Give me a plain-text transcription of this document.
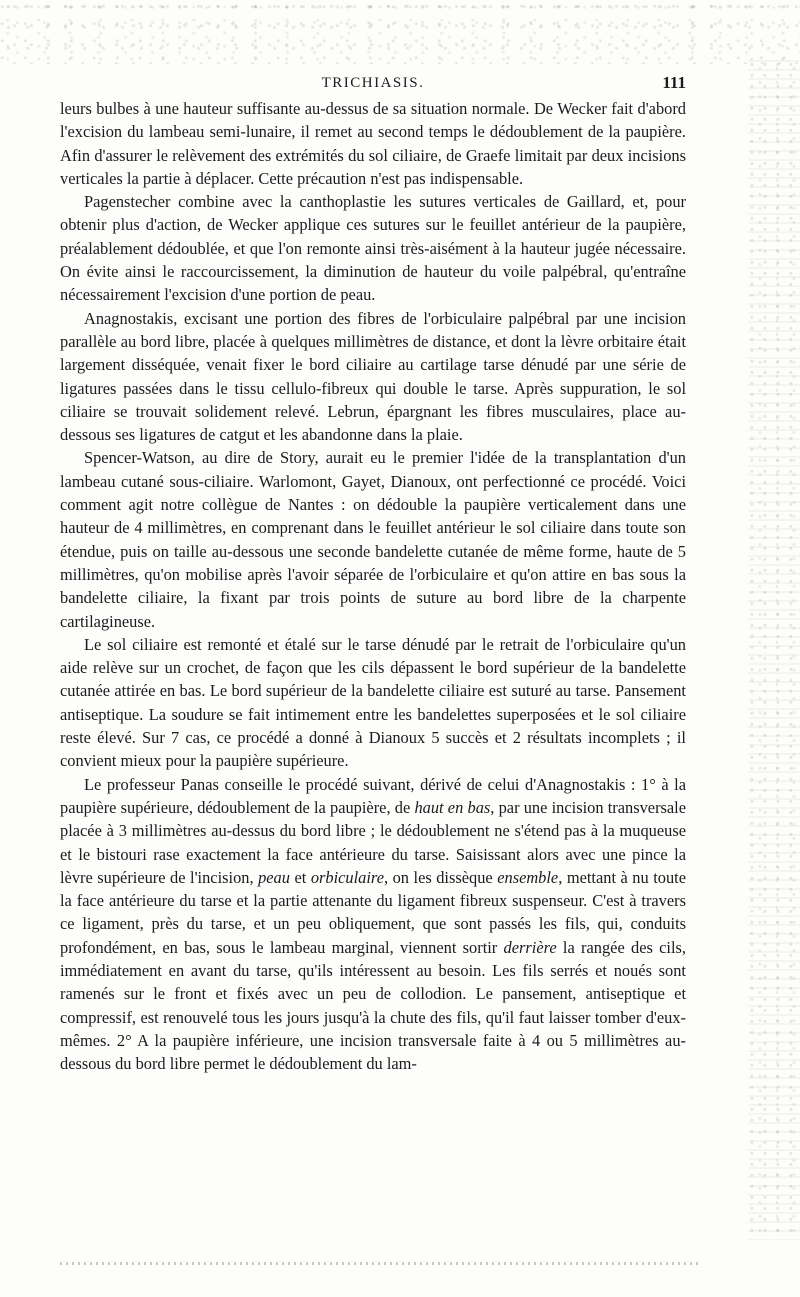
TRICHIASIS.	111

leurs bulbes à une hauteur suffisante au-dessus de sa situation normale. De Wecker fait d'abord l'excision du lambeau semi-lunaire, il remet au second temps le dédoublement de la paupière. Afin d'assurer le relèvement des extrémités du sol ciliaire, de Graefe limitait par deux incisions verticales la partie à déplacer. Cette précaution n'est pas indispensable.

Pagenstecher combine avec la canthoplastie les sutures verticales de Gaillard, et, pour obtenir plus d'action, de Wecker applique ces sutures sur le feuillet antérieur de la paupière, préalablement dédoublée, et que l'on remonte ainsi très-aisément à la hauteur jugée nécessaire. On évite ainsi le raccourcissement, la diminution de hauteur du voile palpébral, qu'entraîne nécessairement l'excision d'une portion de peau.

Anagnostakis, excisant une portion des fibres de l'orbiculaire palpébral par une incision parallèle au bord libre, placée à quelques millimètres de distance, et dont la lèvre orbitaire était largement disséquée, venait fixer le bord ciliaire au cartilage tarse dénudé par une série de ligatures passées dans le tissu cellulo-fibreux qui double le tarse. Après suppuration, le sol ciliaire se trouvait solidement relevé. Lebrun, épargnant les fibres musculaires, place au-dessous ses ligatures de catgut et les abandonne dans la plaie.

Spencer-Watson, au dire de Story, aurait eu le premier l'idée de la transplantation d'un lambeau cutané sous-ciliaire. Warlomont, Gayet, Dianoux, ont perfectionné ce procédé. Voici comment agit notre collègue de Nantes : on dédouble la paupière verticalement dans une hauteur de 4 millimètres, en comprenant dans le feuillet antérieur le sol ciliaire dans toute son étendue, puis on taille au-dessous une seconde bandelette cutanée de même forme, haute de 5 millimètres, qu'on mobilise après l'avoir séparée de l'orbiculaire et qu'on attire en bas sous la bandelette ciliaire, la fixant par trois points de suture au bord libre de la charpente cartilagineuse.

Le sol ciliaire est remonté et étalé sur le tarse dénudé par le retrait de l'orbiculaire qu'un aide relève sur un crochet, de façon que les cils dépassent le bord supérieur de la bandelette cutanée attirée en bas. Le bord supérieur de la bandelette ciliaire est suturé au tarse. Pansement antiseptique. La soudure se fait intimement entre les bandelettes superposées et le sol ciliaire reste élevé. Sur 7 cas, ce procédé a donné à Dianoux 5 succès et 2 résultats incomplets ; il convient mieux pour la paupière supérieure.

Le professeur Panas conseille le procédé suivant, dérivé de celui d'Anagnostakis : 1° à la paupière supérieure, dédoublement de la paupière, de haut en bas, par une incision transversale placée à 3 millimètres au-dessus du bord libre ; le dédoublement ne s'étend pas à la muqueuse et le bistouri rase exactement la face antérieure du tarse. Saisissant alors avec une pince la lèvre supérieure de l'incision, peau et orbiculaire, on les dissèque ensemble, mettant à nu toute la face antérieure du tarse et la partie attenante du ligament fibreux suspenseur. C'est à travers ce ligament, près du tarse, et un peu obliquement, que sont passés les fils, qui, conduits profondément, en bas, sous le lambeau marginal, viennent sortir derrière la rangée des cils, immédiatement en avant du tarse, qu'ils intéressent au besoin. Les fils serrés et noués sont ramenés sur le front et fixés avec un peu de collodion. Le pansement, antiseptique et compressif, est renouvelé tous les jours jusqu'à la chute des fils, qu'il faut laisser tomber d'eux-mêmes. 2° A la paupière inférieure, une incision transversale faite à 4 ou 5 millimètres au-dessous du bord libre permet le dédoublement du lam-
